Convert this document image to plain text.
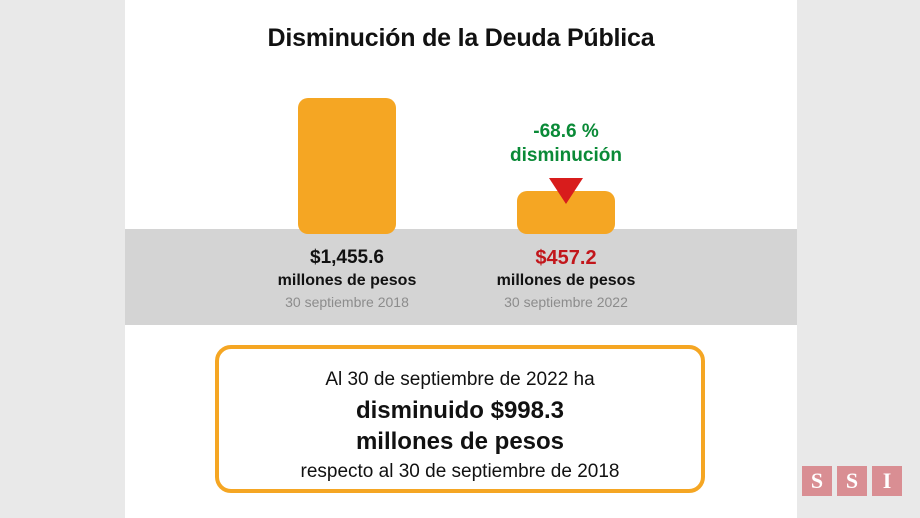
Disminución de la Deuda Pública
-68.6 %
disminución
$1,455.6
millones de pesos
30 septiembre 2018
$457.2
millones de pesos
30 septiembre 2022
Al 30 de septiembre de 2022 ha
disminuido $998.3
millones de pesos
respecto al 30 de septiembre de 2018	S	S	I
